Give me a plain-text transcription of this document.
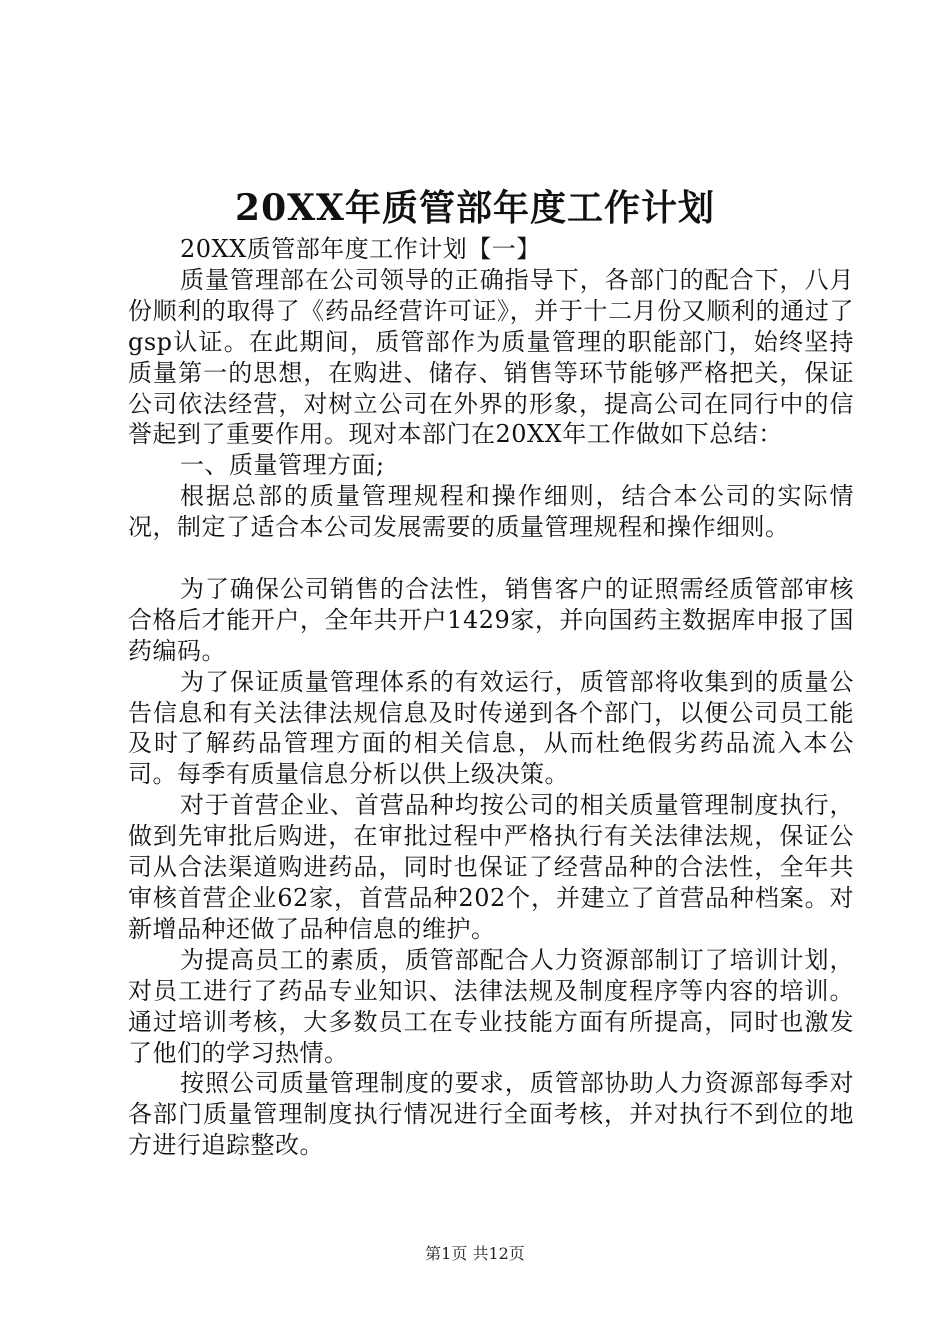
20XX年质管部年度工作计划

20XX质管部年度工作计划【一】

质量管理部在公司领导的正确指导下，各部门的配合下，八月份顺利的取得了《药品经营许可证》，并于十二月份又顺利的通过了gsp认证。在此期间，质管部作为质量管理的职能部门，始终坚持质量第一的思想，在购进、储存、销售等环节能够严格把关，保证公司依法经营，对树立公司在外界的形象，提高公司在同行中的信誉起到了重要作用。现对本部门在20XX年工作做如下总结：

一、质量管理方面;

根据总部的质量管理规程和操作细则，结合本公司的实际情况，制定了适合本公司发展需要的质量管理规程和操作细则。

为了确保公司销售的合法性，销售客户的证照需经质管部审核合格后才能开户，全年共开户1429家，并向国药主数据库申报了国药编码。

为了保证质量管理体系的有效运行，质管部将收集到的质量公告信息和有关法律法规信息及时传递到各个部门，以便公司员工能及时了解药品管理方面的相关信息，从而杜绝假劣药品流入本公司。每季有质量信息分析以供上级决策。

对于首营企业、首营品种均按公司的相关质量管理制度执行，做到先审批后购进，在审批过程中严格执行有关法律法规，保证公司从合法渠道购进药品，同时也保证了经营品种的合法性，全年共审核首营企业62家，首营品种202个，并建立了首营品种档案。对新增品种还做了品种信息的维护。

为提高员工的素质，质管部配合人力资源部制订了培训计划，对员工进行了药品专业知识、法律法规及制度程序等内容的培训。通过培训考核，大多数员工在专业技能方面有所提高，同时也激发了他们的学习热情。

按照公司质量管理制度的要求，质管部协助人力资源部每季对各部门质量管理制度执行情况进行全面考核，并对执行不到位的地方进行追踪整改。

第1页 共12页
